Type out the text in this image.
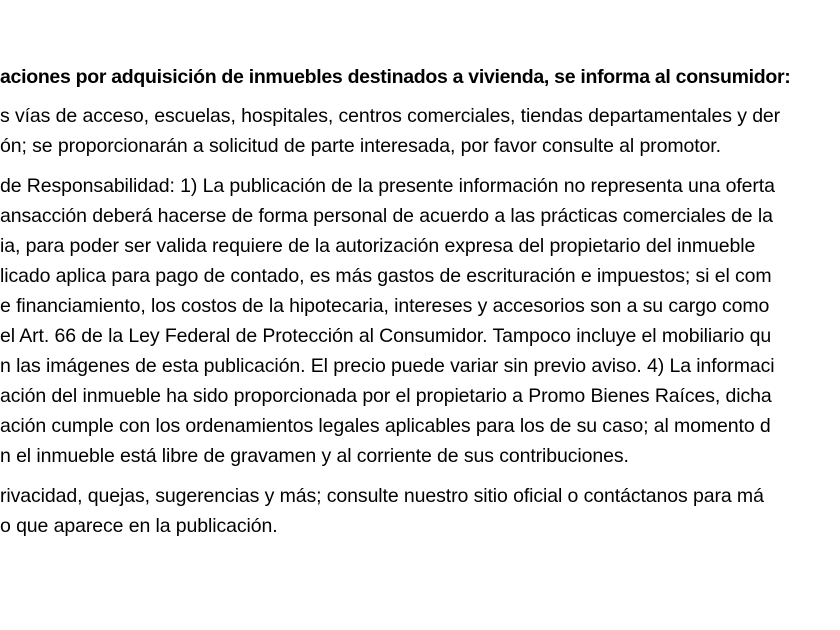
aciones por adquisición de inmuebles destinados a vivienda, se informa al consumidor:
s vías de acceso, escuelas, hospitales, centros comerciales, tiendas departamentales y der
ón; se proporcionarán a solicitud de parte interesada, por favor consulte al promotor.
de Responsabilidad: 1) La publicación de la presente información no representa una oferta
ansacción deberá hacerse de forma personal de acuerdo a las prácticas comerciales de la
ia, para poder ser valida requiere de la autorización expresa del propietario del inmueble
licado aplica para pago de contado, es más gastos de escrituración e impuestos; si el com
e financiamiento, los costos de la hipotecaria, intereses y accesorios son a su cargo como
el Art. 66 de la Ley Federal de Protección al Consumidor. Tampoco incluye el mobiliario qu
n las imágenes de esta publicación. El precio puede variar sin previo aviso. 4) La informaci
ación del inmueble ha sido proporcionada por el propietario a Promo Bienes Raíces, dicha
ación cumple con los ordenamientos legales aplicables para los de su caso; al momento d
n el inmueble está libre de gravamen y al corriente de sus contribuciones.
rivacidad, quejas, sugerencias y más; consulte nuestro sitio oficial o contáctanos para má
o que aparece en la publicación.
